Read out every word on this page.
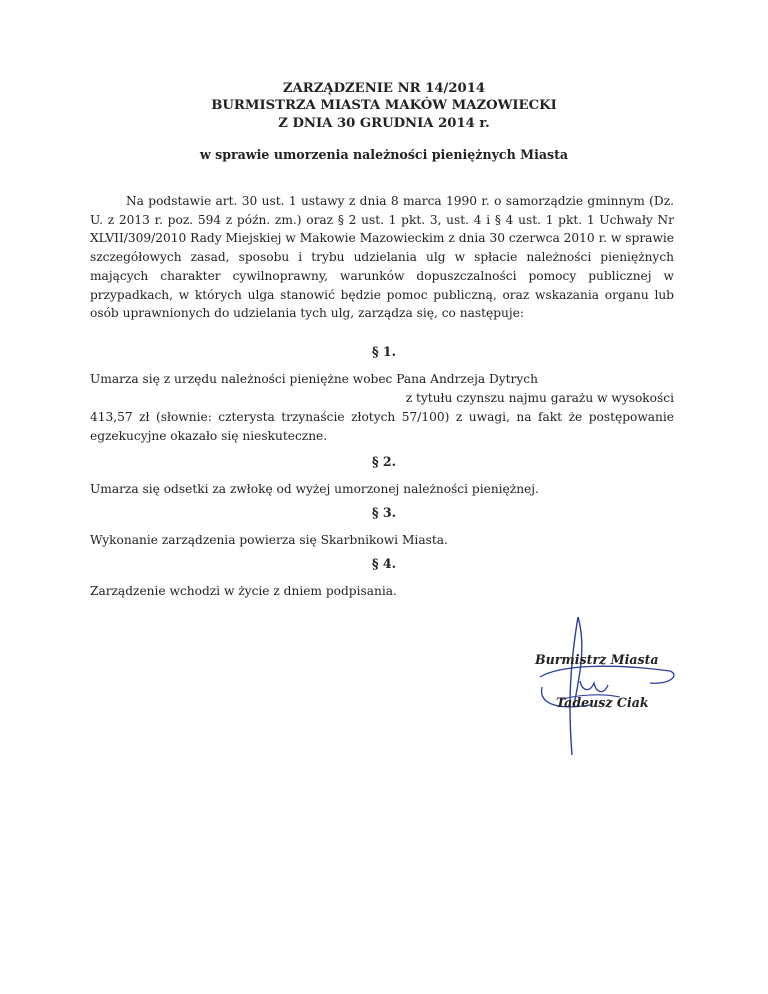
ZARZĄDZENIE NR 14/2014
BURMISTRZA MIASTA MAKÓW MAZOWIECKI
Z DNIA 30 GRUDNIA 2014 r.
w sprawie umorzenia należności pieniężnych Miasta
Na podstawie art. 30 ust. 1 ustawy z dnia 8 marca 1990 r. o samorządzie gminnym (Dz. U. z 2013 r. poz. 594 z późn. zm.) oraz § 2 ust. 1 pkt. 3, ust. 4 i § 4 ust. 1 pkt. 1 Uchwały Nr XLVII/309/2010 Rady Miejskiej w Makowie Mazowieckim z dnia 30 czerwca 2010 r. w sprawie szczegółowych zasad, sposobu i trybu udzielania ulg w spłacie należności pieniężnych mających charakter cywilnoprawny, warunków dopuszczalności pomocy publicznej w przypadkach, w których ulga stanowić będzie pomoc publiczną, oraz wskazania organu lub osób uprawnionych do udzielania tych ulg, zarządza się, co następuje:
§ 1.
Umarza się z urzędu należności pieniężne wobec Pana Andrzeja Dytrych
z tytułu czynszu najmu garażu w wysokości
413,57 zł (słownie: czterysta trzynaście złotych 57/100) z uwagi, na fakt że postępowanie
egzekucyjne okazało się nieskuteczne.
§ 2.
Umarza się odsetki za zwłokę od wyżej umorzonej należności pieniężnej.
§ 3.
Wykonanie zarządzenia powierza się Skarbnikowi Miasta.
§ 4.
Zarządzenie wchodzi w życie z dniem podpisania.
Burmistrz Miasta
Tadeusz Ciak
